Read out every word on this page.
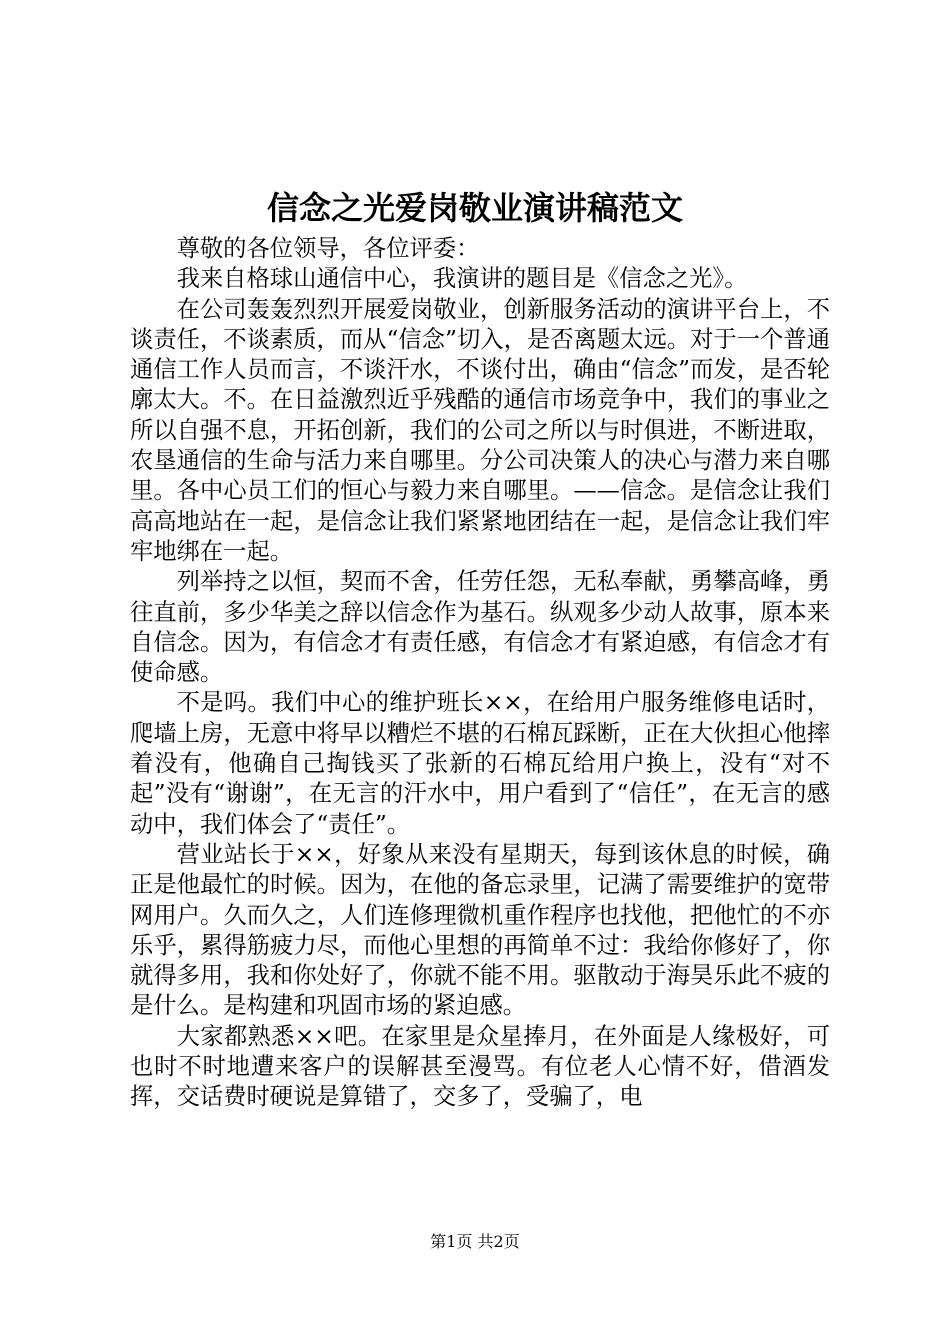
信念之光爱岗敬业演讲稿范文

尊敬的各位领导，各位评委：

我来自格球山通信中心，我演讲的题目是《信念之光》。

在公司轰轰烈烈开展爱岗敬业，创新服务活动的演讲平台上，不谈责任，不谈素质，而从“信念”切入，是否离题太远。对于一个普通通信工作人员而言，不谈汗水，不谈付出，确由“信念”而发，是否轮廓太大。不。在日益激烈近乎残酷的通信市场竞争中，我们的事业之所以自强不息，开拓创新，我们的公司之所以与时俱进，不断进取，农垦通信的生命与活力来自哪里。分公司决策人的决心与潜力来自哪里。各中心员工们的恒心与毅力来自哪里。——信念。是信念让我们高高地站在一起，是信念让我们紧紧地团结在一起，是信念让我们牢牢地绑在一起。

列举持之以恒，契而不舍，任劳任怨，无私奉献，勇攀高峰，勇往直前，多少华美之辞以信念作为基石。纵观多少动人故事，原本来自信念。因为，有信念才有责任感，有信念才有紧迫感，有信念才有使命感。

不是吗。我们中心的维护班长××，在给用户服务维修电话时，爬墙上房，无意中将早以糟烂不堪的石棉瓦踩断，正在大伙担心他摔着没有，他确自己掏钱买了张新的石棉瓦给用户换上，没有“对不起”没有“谢谢”，在无言的汗水中，用户看到了“信任”，在无言的感动中，我们体会了“责任”。

营业站长于××，好象从来没有星期天，每到该休息的时候，确正是他最忙的时候。因为，在他的备忘录里，记满了需要维护的宽带网用户。久而久之，人们连修理微机重作程序也找他，把他忙的不亦乐乎，累得筋疲力尽，而他心里想的再简单不过：我给你修好了，你就得多用，我和你处好了，你就不能不用。驱散动于海昊乐此不疲的是什么。是构建和巩固市场的紧迫感。

大家都熟悉××吧。在家里是众星捧月，在外面是人缘极好，可也时不时地遭来客户的误解甚至漫骂。有位老人心情不好，借酒发挥，交话费时硬说是算错了，交多了，受骗了，电

第1页 共2页
